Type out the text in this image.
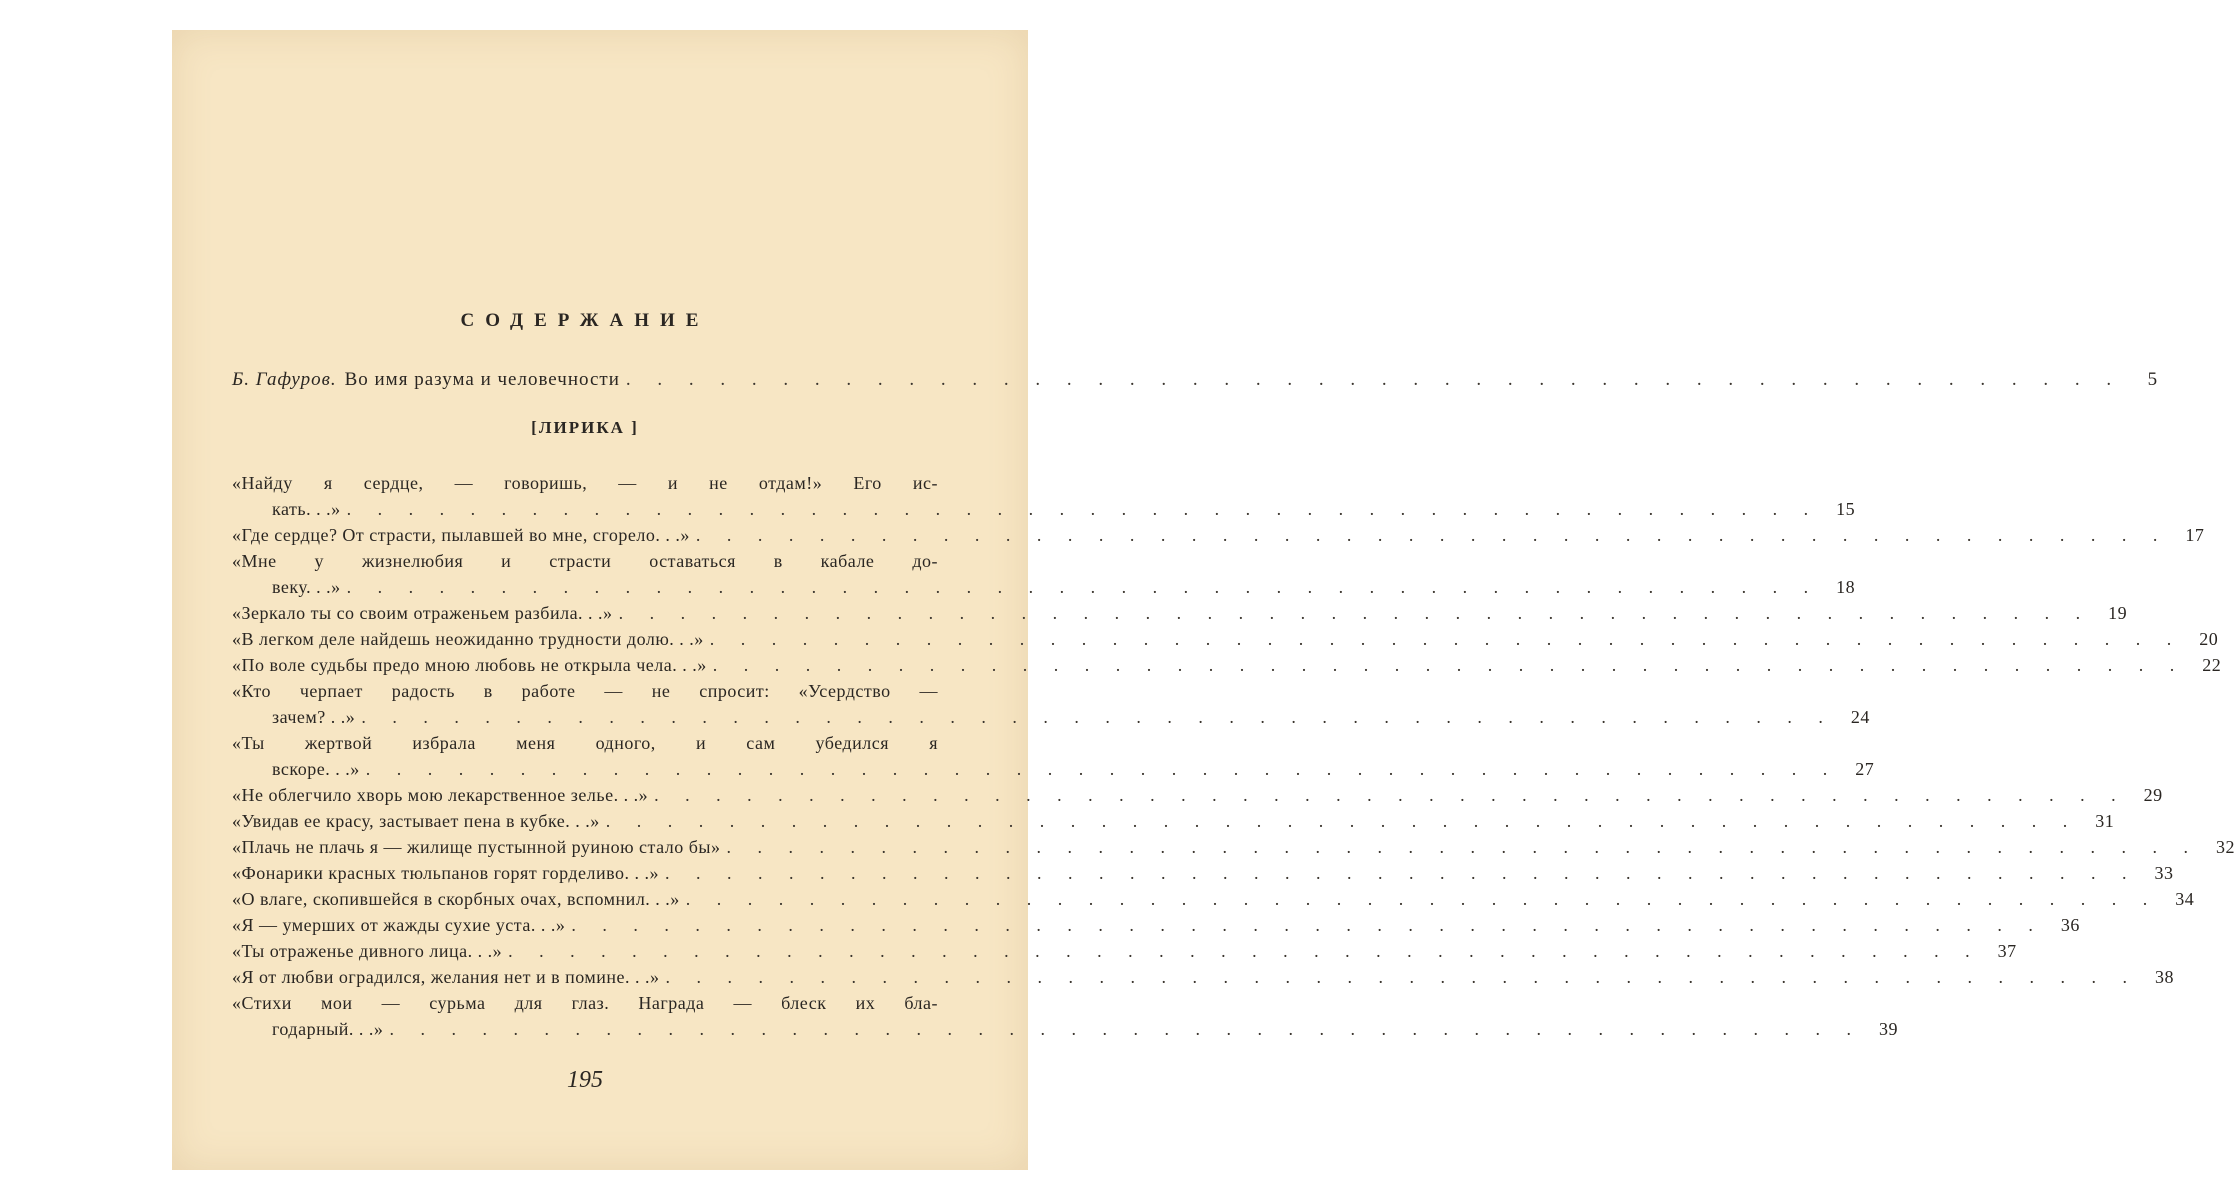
СОДЕРЖАНИЕ
Б. Гафуров. Во имя разума и человечности . . . . . . . . . . . . . . . . . . . . . . . . . . . . . . . . . . . . . . . . . . . . . . . .	5
[ЛИРИКА ]
«Найду я сердце, — говоришь, — и не отдам!» Его ис-
кать. . .» . . . . . . . . . . . . . . . . . . . . . . . . . . . . . . . . . . . . . . . . . . . . . . . . 15
«Где сердце? От страсти, пылавшей во мне, сгорело. . .» . . . . . . . . . . . . . . . . . . . . . . . . . . . . . . . . . . . . . . . . . . . . . . . . 17
«Мне у жизнелюбия и страсти оставаться в кабале до-
веку. . .» . . . . . . . . . . . . . . . . . . . . . . . . . . . . . . . . . . . . . . . . . . . . . . . . 18
«Зеркало ты со своим отраженьем разбила. . .» . . . . . . . . . . . . . . . . . . . . . . . . . . . . . . . . . . . . . . . . . . . . . . . . 19
«В легком деле найдешь неожиданно трудности долю. . .» . . . . . . . . . . . . . . . . . . . . . . . . . . . . . . . . . . . . . . . . . . . . . . . . 20
«По воле судьбы предо мною любовь не открыла чела. . .» . . . . . . . . . . . . . . . . . . . . . . . . . . . . . . . . . . . . . . . . . . . . . . . . 22
«Кто черпает радость в работе — не спросит: «Усердство —
зачем? . .» . . . . . . . . . . . . . . . . . . . . . . . . . . . . . . . . . . . . . . . . . . . . . . . . 24
«Ты жертвой избрала меня одного, и сам убедился я
вскоре. . .» . . . . . . . . . . . . . . . . . . . . . . . . . . . . . . . . . . . . . . . . . . . . . . . . 27
«Не облегчило хворь мою лекарственное зелье. . .» . . . . . . . . . . . . . . . . . . . . . . . . . . . . . . . . . . . . . . . . . . . . . . . . 29
«Увидав ее красу, застывает пена в кубке. . .» . . . . . . . . . . . . . . . . . . . . . . . . . . . . . . . . . . . . . . . . . . . . . . . . 31
«Плачь не плачь я — жилище пустынной руиною стало бы» . . . . . . . . . . . . . . . . . . . . . . . . . . . . . . . . . . . . . . . . . . . . . . . . 32
«Фонарики красных тюльпанов горят горделиво. . .» . . . . . . . . . . . . . . . . . . . . . . . . . . . . . . . . . . . . . . . . . . . . . . . . 33
«О влаге, скопившейся в скорбных очах, вспомнил. . .» . . . . . . . . . . . . . . . . . . . . . . . . . . . . . . . . . . . . . . . . . . . . . . . . 34
«Я — умерших от жажды сухие уста. . .» . . . . . . . . . . . . . . . . . . . . . . . . . . . . . . . . . . . . . . . . . . . . . . . . 36
«Ты отраженье дивного лица. . .» . . . . . . . . . . . . . . . . . . . . . . . . . . . . . . . . . . . . . . . . . . . . . . . . 37
«Я от любви оградился, желания нет и в помине. . .» . . . . . . . . . . . . . . . . . . . . . . . . . . . . . . . . . . . . . . . . . . . . . . . . 38
«Стихи мои — сурьма для глаз. Награда — блеск их бла-
годарный. . .» . . . . . . . . . . . . . . . . . . . . . . . . . . . . . . . . . . . . . . . . . . . . . . . . 39
195
